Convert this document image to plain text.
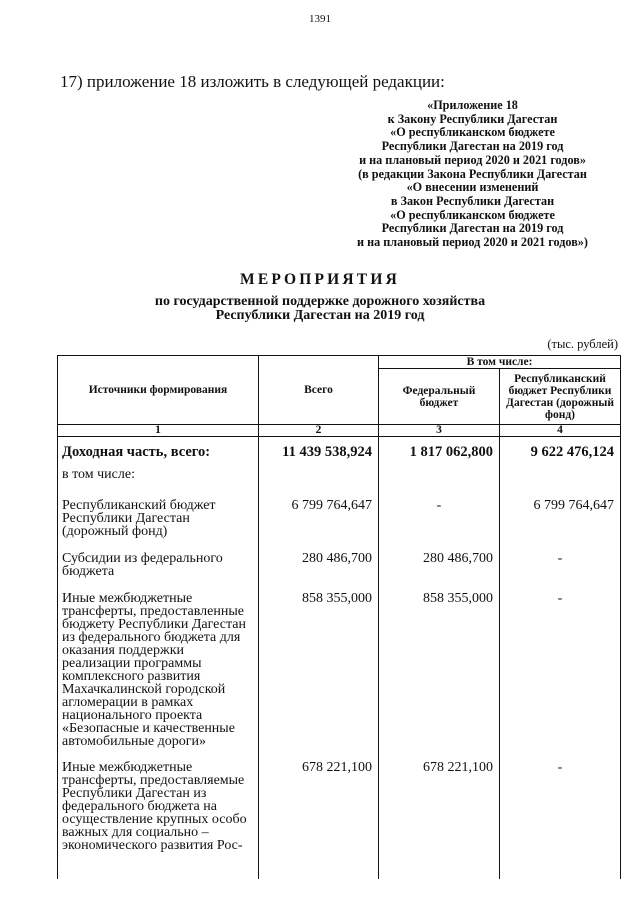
1391
17) приложение 18 изложить в следующей редакции:
«Приложение 18
к Закону Республики Дагестан
«О республиканском бюджете
Республики Дагестан на 2019 год
и на плановый период 2020 и 2021 годов»
(в редакции Закона Республики Дагестан
«О внесении изменений
в Закон Республики Дагестан
«О республиканском бюджете
Республики Дагестан на 2019 год
и на плановый период 2020 и 2021 годов»)
МЕРОПРИЯТИЯ
по государственной поддержке дорожного хозяйства
Республики Дагестан на 2019 год
(тыс. рублей)
Источники формирования	Всего	В том числе:	
		Федеральный бюджет	Республиканский бюджет Республики Дагестан (дорожный фонд)
1	2	3	4
Доходная часть, всего:	11 439 538,924	1 817 062,800	9 622 476,124
в том числе:			
Республиканский бюджет Республики Дагестан (дорожный фонд)	6 799 764,647	-	6 799 764,647
Субсидии из федерального бюджета	280 486,700	280 486,700	-
Иные межбюджетные трансферты, предоставленные бюджету Республики Дагестан из федерального бюджета для оказания поддержки реализации программы комплексного развития Махачкалинской городской агломерации в рамках национального проекта «Безопасные и качественные автомобильные дороги»	858 355,000	858 355,000	-
Иные межбюджетные трансферты, предоставляемые Республики Дагестан из федерального бюджета на осуществление крупных особо важных для социально – экономического развития Рос-	678 221,100	678 221,100	-
